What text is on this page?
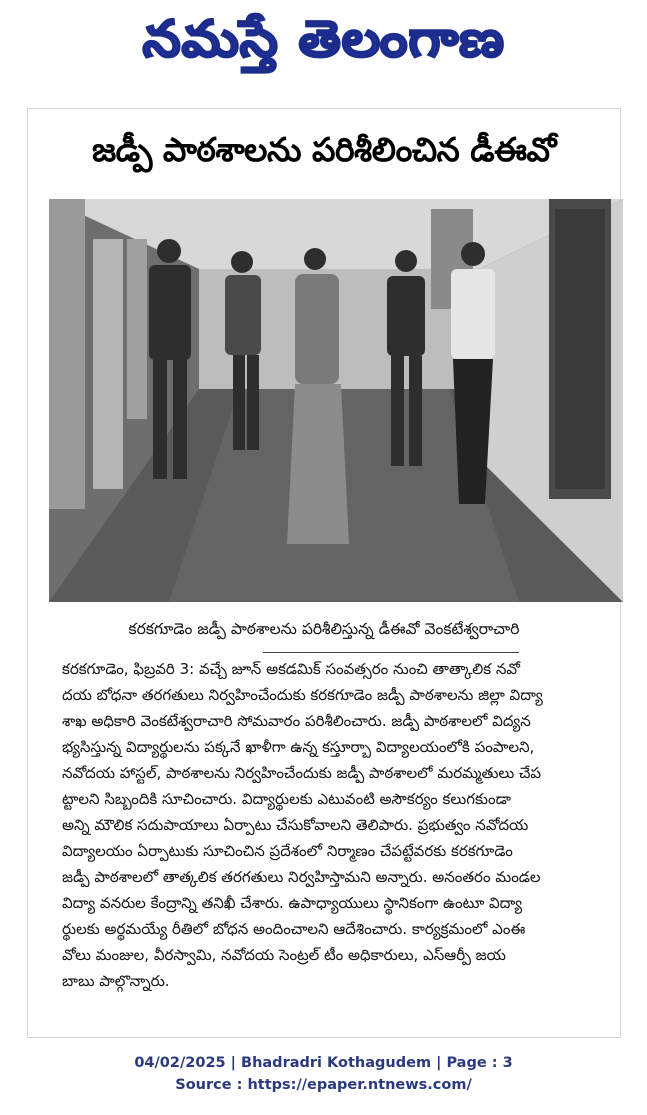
నమస్తే తెలంగాణ
జడ్పీ పాఠశాలను పరిశీలించిన డీఈవో
కరకగూడెం జడ్పీ పాఠశాలను పరిశీలిస్తున్న డీఈవో వెంకటేశ్వరాచారి

కరకగూడెం, ఫిబ్రవరి 3: వచ్చే జూన్ అకడమిక్ సంవత్సరం నుంచి తాత్కాలిక నవో

దయ బోధనా తరగతులు నిర్వహించేందుకు కరకగూడెం జడ్పీ పాఠశాలను జిల్లా విద్యా

శాఖ అధికారి వెంకటేశ్వరాచారి సోమవారం పరిశీలించారు. జడ్పీ పాఠశాలలో విద్యన

భ్యసిస్తున్న విద్యార్థులను పక్కనే ఖాళీగా ఉన్న కస్తూర్బా విద్యాలయంలోకి పంపాలని,

నవోదయ హాస్టల్, పాఠశాలను నిర్వహించేందుకు జడ్పీ పాఠశాలలో మరమ్మతులు చేప

ట్టాలని సిబ్బందికి సూచించారు. విద్యార్థులకు ఎటువంటి అసౌకర్యం కలుగకుండా

అన్ని మౌలిక సదుపాయాలు ఏర్పాటు చేసుకోవాలని తెలిపారు. ప్రభుత్వం నవోదయ

విద్యాలయం ఏర్పాటుకు సూచించిన ప్రదేశంలో నిర్మాణం చేపట్టేవరకు కరకగూడెం

జడ్పీ పాఠశాలలో తాత్కలిక తరగతులు నిర్వహిస్తామని అన్నారు. అనంతరం మండల

విద్యా వనరుల కేంద్రాన్ని తనిఖీ చేశారు. ఉపాధ్యాయులు స్థానికంగా ఉంటూ విద్యా

ర్థులకు అర్థమయ్యే రీతిలో బోధన అందించాలని ఆదేశించారు. కార్యక్రమంలో ఎంఈ

వోలు మంజుల, వీరస్వామి, నవోదయ సెంట్రల్ టీం అధికారులు, ఎస్ఆర్పీ జయ

బాబు పాల్గొన్నారు.

04/02/2025 | Bhadradri Kothagudem | Page : 3
Source : https://epaper.ntnews.com/
